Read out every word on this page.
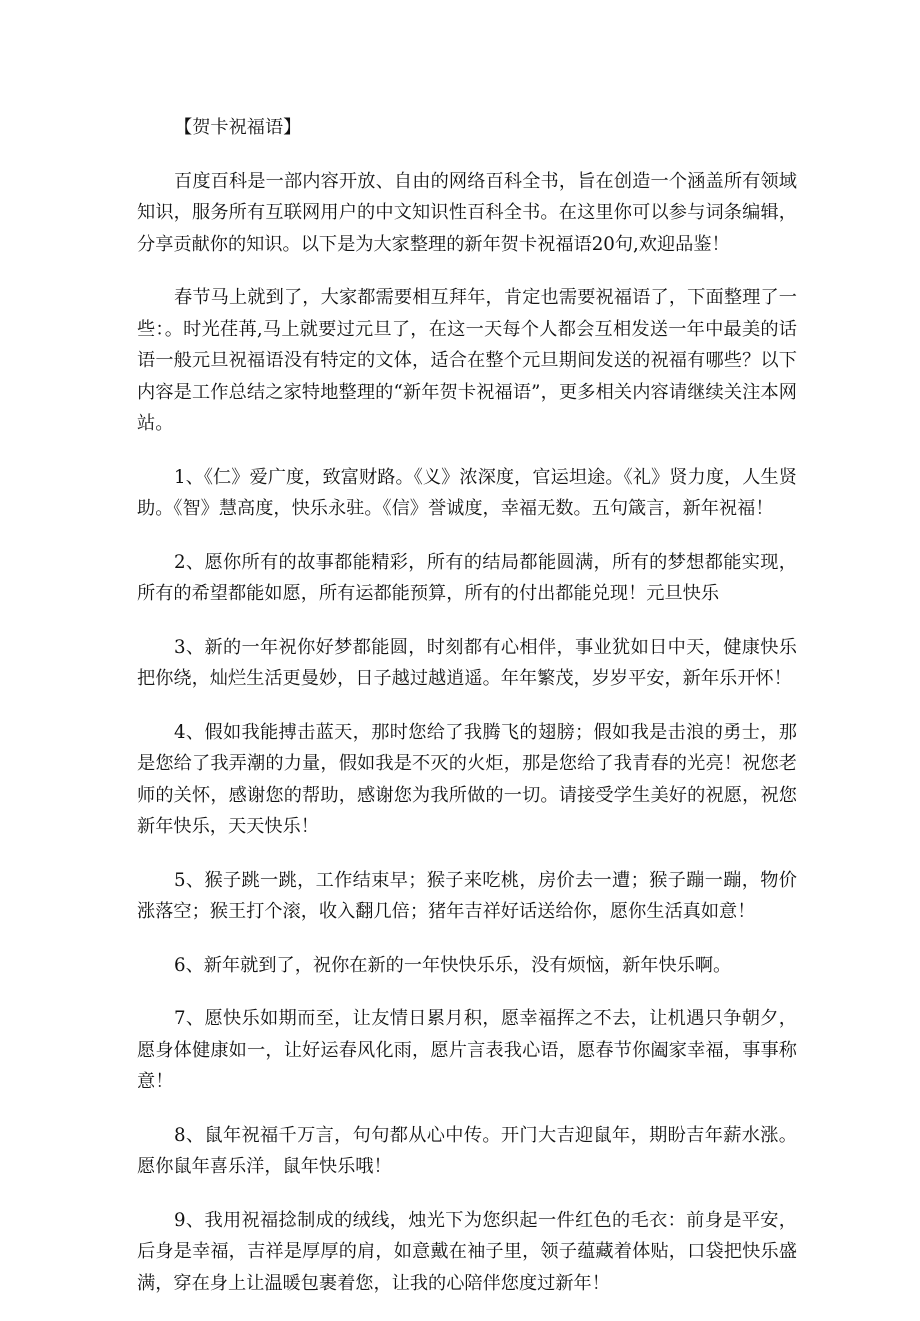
【贺卡祝福语】

百度百科是一部内容开放、自由的网络百科全书，旨在创造一个涵盖所有领域知识，服务所有互联网用户的中文知识性百科全书。在这里你可以参与词条编辑，分享贡献你的知识。以下是为大家整理的新年贺卡祝福语20句,欢迎品鉴！

春节马上就到了，大家都需要相互拜年，肯定也需要祝福语了，下面整理了一些：。时光荏苒,马上就要过元旦了，在这一天每个人都会互相发送一年中最美的话语一般元旦祝福语没有特定的文体，适合在整个元旦期间发送的祝福有哪些？以下内容是工作总结之家特地整理的“新年贺卡祝福语”，更多相关内容请继续关注本网站。

1、《仁》爱广度，致富财路。《义》浓深度，官运坦途。《礼》贤力度，人生贤助。《智》慧高度，快乐永驻。《信》誉诚度，幸福无数。五句箴言，新年祝福！

2、愿你所有的故事都能精彩，所有的结局都能圆满，所有的梦想都能实现，所有的希望都能如愿，所有运都能预算，所有的付出都能兑现！元旦快乐

3、新的一年祝你好梦都能圆，时刻都有心相伴，事业犹如日中天，健康快乐把你绕，灿烂生活更曼妙，日子越过越逍遥。年年繁茂，岁岁平安，新年乐开怀！

4、假如我能搏击蓝天，那时您给了我腾飞的翅膀；假如我是击浪的勇士，那是您给了我弄潮的力量，假如我是不灭的火炬，那是您给了我青春的光亮！祝您老师的关怀，感谢您的帮助，感谢您为我所做的一切。请接受学生美好的祝愿，祝您新年快乐，天天快乐！

5、猴子跳一跳，工作结束早；猴子来吃桃，房价去一遭；猴子蹦一蹦，物价涨落空；猴王打个滚，收入翻几倍；猪年吉祥好话送给你，愿你生活真如意！

6、新年就到了，祝你在新的一年快快乐乐，没有烦恼，新年快乐啊。

7、愿快乐如期而至，让友情日累月积，愿幸福挥之不去，让机遇只争朝夕，愿身体健康如一，让好运春风化雨，愿片言表我心语，愿春节你阖家幸福，事事称意！

8、鼠年祝福千万言，句句都从心中传。开门大吉迎鼠年，期盼吉年薪水涨。愿你鼠年喜乐洋，鼠年快乐哦！

9、我用祝福捻制成的绒线，烛光下为您织起一件红色的毛衣：前身是平安，后身是幸福，吉祥是厚厚的肩，如意戴在袖子里，领子蕴藏着体贴，口袋把快乐盛满，穿在身上让温暖包裹着您，让我的心陪伴您度过新年！
